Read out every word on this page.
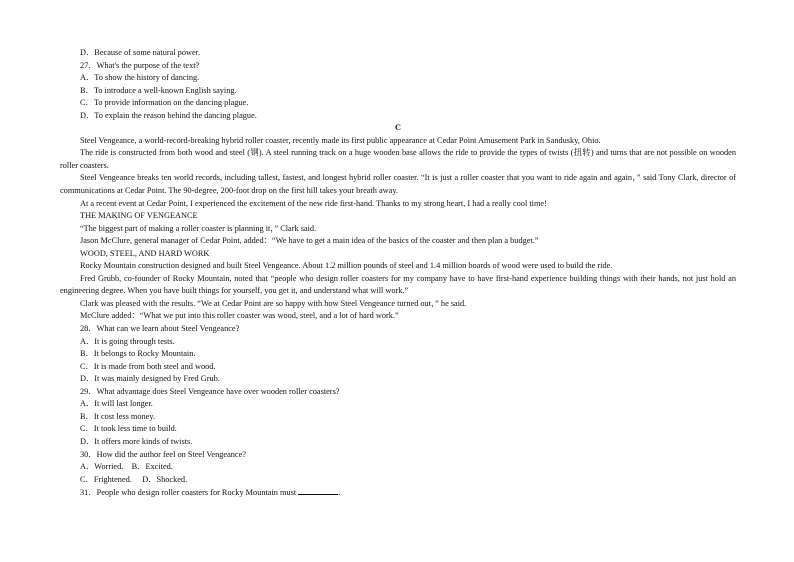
D．Because of some natural power.
27．What's the purpose of the text?
A．To show the history of dancing.
B．To introduce a well-known English saying.
C．To provide information on the dancing plague.
D．To explain the reason behind the dancing plague.
C
Steel Vengeance, a world-record-breaking hybrid roller coaster, recently made its first public appearance at Cedar Point Amusement Park in Sandusky, Ohio.
The ride is constructed from both wood and steel (钢). A steel running track on a huge wooden base allows the ride to provide the types of twists (扭转) and turns that are not possible on wooden roller coasters.
Steel Vengeance breaks ten world records, including tallest, fastest, and longest hybrid roller coaster. “It is just a roller coaster that you want to ride again and again，” said Tony Clark, director of communications at Cedar Point. The 90-degree, 200-foot drop on the first hill takes your breath away.
At a recent event at Cedar Point, I experienced the excitement of the new ride first-hand. Thanks to my strong heart, I had a really cool time!
THE MAKING OF VENGEANCE
“The biggest part of making a roller coaster is planning it，” Clark said.
Jason McClure, general manager of Cedar Point, added：“We have to get a main idea of the basics of the coaster and then plan a budget.”
WOOD, STEEL, AND HARD WORK
Rocky Mountain construction designed and built Steel Vengeance. About 1.2 million pounds of steel and 1.4 million boards of wood were used to build the ride.
Fred Grubb, co-founder of Rocky Mountain, noted that “people who design roller coasters for my company have to have first-hand experience building things with their hands, not just hold an engineering degree. When you have built things for yourself, you get it, and understand what will work.”
Clark was pleased with the results. “We at Cedar Point are so happy with how Steel Vengeance turned out，” he said.
McClure added：“What we put into this roller coaster was wood, steel, and a lot of hard work.”
28．What can we learn about Steel Vengeance?
A．It is going through tests.
B．It belongs to Rocky Mountain.
C．It is made from both steel and wood.
D．It was mainly designed by Fred Grub.
29．What advantage does Steel Vengeance have over wooden roller coasters?
A．It will last longer.
B．It cost less money.
C．It took less time to build.
D．It offers more kinds of twists.
30．How did the author feel on Steel Vengeance?
A．Worried.　B．Excited.
C．Frightened.　 D．Shocked.
31．People who design roller coasters for Rocky Mountain must	.
